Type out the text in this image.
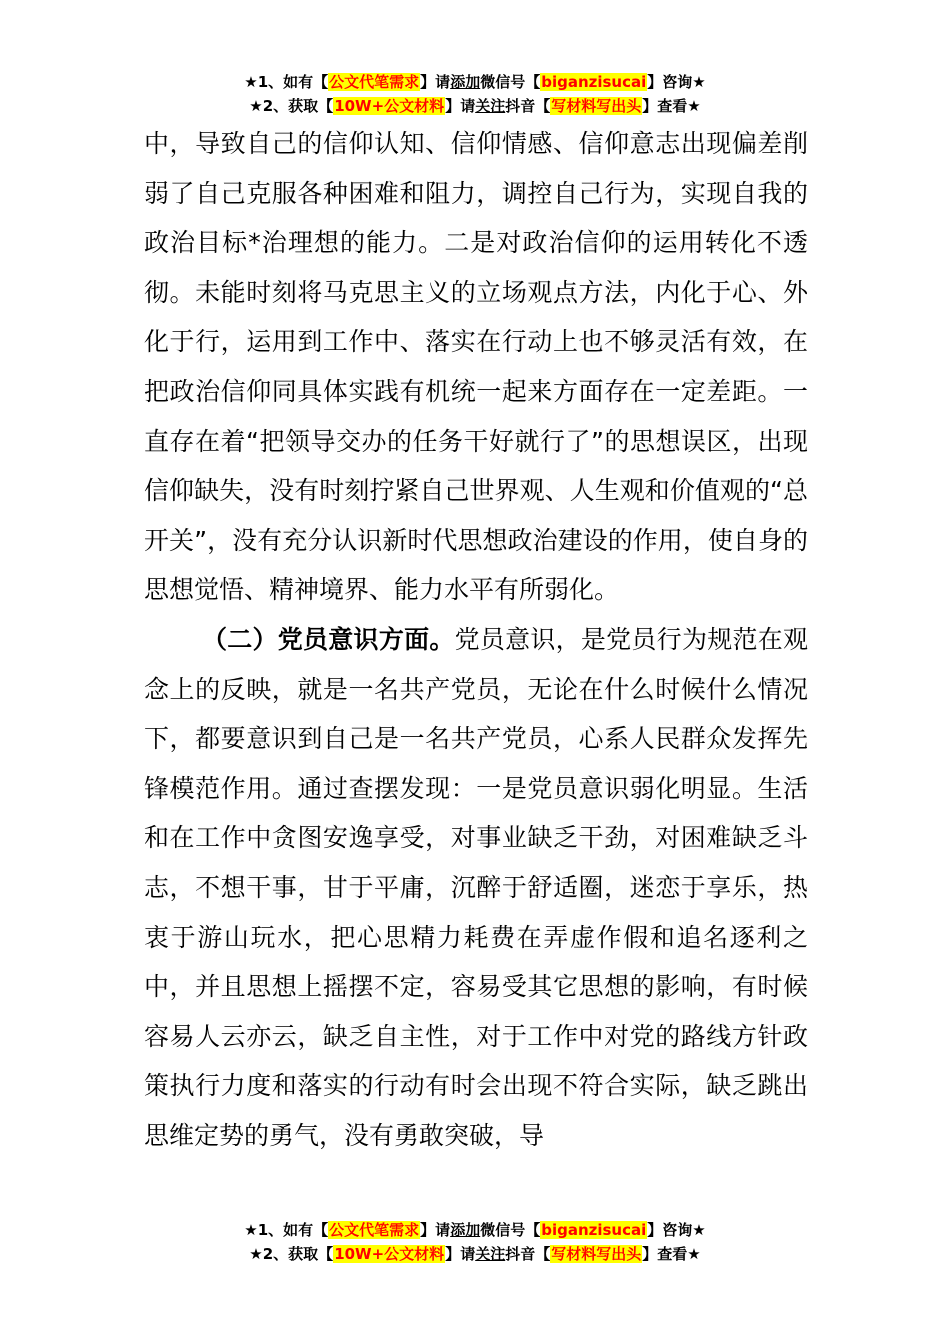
★1、如有【公文代笔需求】请添加微信号【biganzisucai】咨询★
★2、获取【10W+公文材料】请关注抖音【写材料写出头】查看★

中，导致自己的信仰认知、信仰情感、信仰意志出现偏差削弱了自己克服各种困难和阻力，调控自己行为，实现自我的政治目标*治理想的能力。二是对政治信仰的运用转化不透彻。未能时刻将马克思主义的立场观点方法，内化于心、外化于行，运用到工作中、落实在行动上也不够灵活有效，在把政治信仰同具体实践有机统一起来方面存在一定差距。一直存在着“把领导交办的任务干好就行了”的思想误区，出现信仰缺失，没有时刻拧紧自己世界观、人生观和价值观的“总开关”，没有充分认识新时代思想政治建设的作用，使自身的思想觉悟、精神境界、能力水平有所弱化。

（二）党员意识方面。党员意识，是党员行为规范在观念上的反映，就是一名共产党员，无论在什么时候什么情况下，都要意识到自己是一名共产党员，心系人民群众发挥先锋模范作用。通过查摆发现：一是党员意识弱化明显。生活和在工作中贪图安逸享受，对事业缺乏干劲，对困难缺乏斗志，不想干事，甘于平庸，沉醉于舒适圈，迷恋于享乐，热衷于游山玩水，把心思精力耗费在弄虚作假和追名逐利之中，并且思想上摇摆不定，容易受其它思想的影响，有时候容易人云亦云，缺乏自主性，对于工作中对党的路线方针政策执行力度和落实的行动有时会出现不符合实际，缺乏跳出思维定势的勇气，没有勇敢突破，导

★1、如有【公文代笔需求】请添加微信号【biganzisucai】咨询★
★2、获取【10W+公文材料】请关注抖音【写材料写出头】查看★
